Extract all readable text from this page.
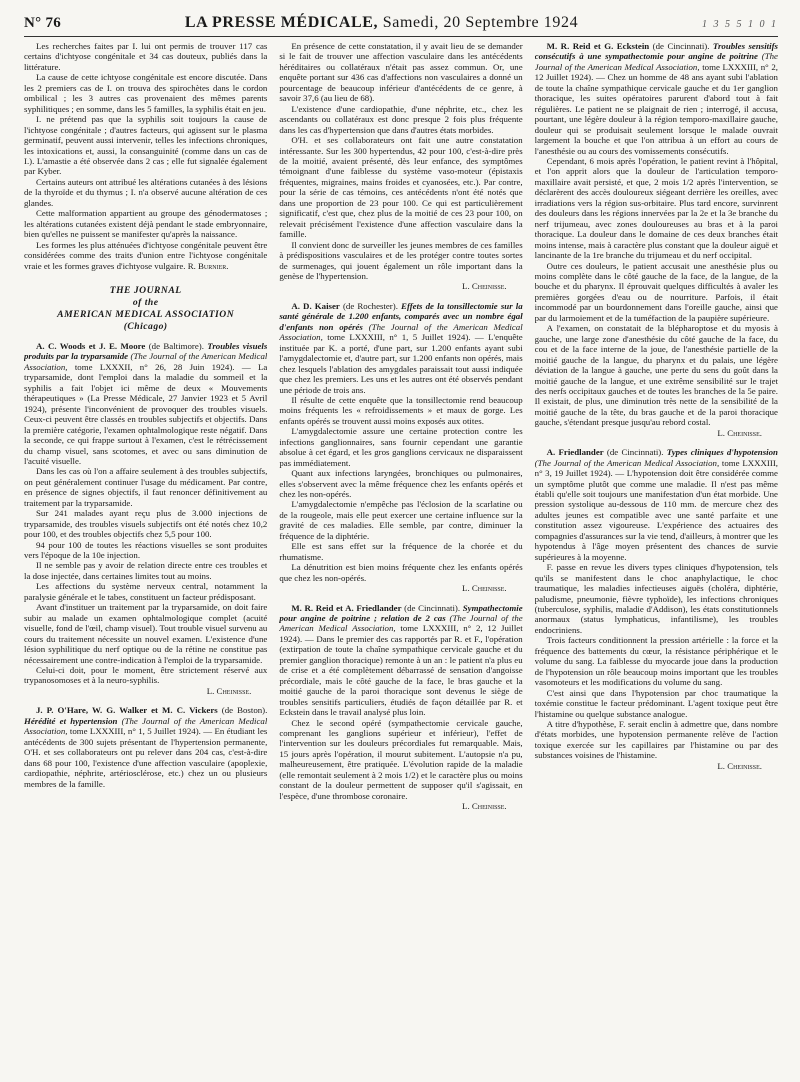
N° 76	LA PRESSE MÉDICALE, Samedi, 20 Septembre 1924	1 3 5 5 1 0 1

Les recherches faites par I. lui ont permis de trouver 117 cas certains d'ichtyose congénitale et 34 cas douteux, publiés dans la littérature.

La cause de cette ichtyose congénitale est encore discutée. Dans les 2 premiers cas de I. on trouva des spirochètes dans le cordon ombilical ; les 3 autres cas provenaient des mêmes parents syphilitiques ; en somme, dans les 5 familles, la syphilis était en jeu.

I. ne prétend pas que la syphilis soit toujours la cause de l'ichtyose congénitale ; d'autres facteurs, qui agissent sur le plasma germinatif, peuvent aussi intervenir, telles les infections chroniques, les intoxications et, aussi, la consanguinité (comme dans un cas de I.). L'amastie a été observée dans 2 cas ; elle fut signalée également par Kyber.

Certains auteurs ont attribué les altérations cutanées à des lésions de la thyroïde et du thymus ; I. n'a observé aucune altération de ces glandes.

Cette malformation appartient au groupe des génodermatoses ; les altérations cutanées existent déjà pendant le stade embryonnaire, bien qu'elles ne puissent se manifester qu'après la naissance.

Les formes les plus atténuées d'ichtyose congénitale peuvent être considérées comme des traits d'union entre l'ichtyose congénitale vraie et les formes graves d'ichtyose vulgaire. R. Burnier.

THE JOURNAL
of the
AMERICAN MEDICAL ASSOCIATION
(Chicago)

A. C. Woods et J. E. Moore (de Baltimore). Troubles visuels produits par la tryparsamide (The Journal of the American Medical Association, tome LXXXII, n° 26, 28 Juin 1924). — La tryparsamide, dont l'emploi dans la maladie du sommeil et la syphilis a fait l'objet ici même de deux « Mouvements thérapeutiques » (La Presse Médicale, 27 Janvier 1923 et 5 Avril 1924), présente l'inconvénient de provoquer des troubles visuels. Ceux-ci peuvent être classés en troubles subjectifs et objectifs. Dans la première catégorie, l'examen ophtalmologique reste négatif. Dans la seconde, ce qui frappe surtout à l'examen, c'est le rétrécissement du champ visuel, sans scotomes, et avec ou sans diminution de l'acuité visuelle.

Dans les cas où l'on a affaire seulement à des troubles subjectifs, on peut généralement continuer l'usage du médicament. Par contre, en présence de signes objectifs, il faut renoncer définitivement au traitement par la tryparsamide.

Sur 241 malades ayant reçu plus de 3.000 injections de tryparsamide, des troubles visuels subjectifs ont été notés chez 10,2 pour 100, et des troubles objectifs chez 5,5 pour 100.

94 pour 100 de toutes les réactions visuelles se sont produites vers l'époque de la 10e injection.

Il ne semble pas y avoir de relation directe entre ces troubles et la dose injectée, dans certaines limites tout au moins.

Les affections du système nerveux central, notamment la paralysie générale et le tabes, constituent un facteur prédisposant.

Avant d'instituer un traitement par la tryparsamide, on doit faire subir au malade un examen ophtalmologique complet (acuité visuelle, fond de l'œil, champ visuel). Tout trouble visuel survenu au cours du traitement nécessite un nouvel examen. L'existence d'une lésion syphilitique du nerf optique ou de la rétine ne constitue pas nécessairement une contre-indication à l'emploi de la tryparsamide.

Celui-ci doit, pour le moment, être strictement réservé aux trypanosomoses et à la neuro-syphilis.

L. Cheinisse.

J. P. O'Hare, W. G. Walker et M. C. Vickers (de Boston). Hérédité et hypertension (The Journal of the American Medical Association, tome LXXXIII, n° 1, 5 Juillet 1924). — En étudiant les antécédents de 300 sujets présentant de l'hypertension permanente, O'H. et ses collaborateurs ont pu relever dans 204 cas, c'est-à-dire dans 68 pour 100, l'existence d'une affection vasculaire (apoplexie, cardiopathie, néphrite, artériosclérose, etc.) chez un ou plusieurs membres de la famille.

En présence de cette constatation, il y avait lieu de se demander si le fait de trouver une affection vasculaire dans les antécédents héréditaires ou collatéraux n'était pas assez commun. Or, une enquête portant sur 436 cas d'affections non vasculaires a donné un pourcentage de beaucoup inférieur d'antécédents de ce genre, à savoir 37,6 (au lieu de 68).

L'existence d'une cardiopathie, d'une néphrite, etc., chez les ascendants ou collatéraux est donc presque 2 fois plus fréquente dans les cas d'hypertension que dans d'autres états morbides.

O'H. et ses collaborateurs ont fait une autre constatation intéressante. Sur les 300 hypertendus, 42 pour 100, c'est-à-dire près de la moitié, avaient présenté, dès leur enfance, des symptômes témoignant d'une faiblesse du système vaso-moteur (épistaxis fréquentes, migraines, mains froides et cyanosées, etc.). Par contre, pour la série de cas témoins, ces antécédents n'ont été notés que dans une proportion de 23 pour 100. Ce qui est particulièrement significatif, c'est que, chez plus de la moitié de ces 23 pour 100, on relevait précisément l'existence d'une affection vasculaire dans la famille.

Il convient donc de surveiller les jeunes membres de ces familles à prédispositions vasculaires et de les protéger contre toutes sortes de surmenages, qui jouent également un rôle important dans la genèse de l'hypertension.

L. Cheinisse.

A. D. Kaiser (de Rochester). Effets de la tonsillectomie sur la santé générale de 1.200 enfants, comparés avec un nombre égal d'enfants non opérés (The Journal of the American Medical Association, tome LXXXIII, n° 1, 5 Juillet 1924). — L'enquête instituée par K. a porté, d'une part, sur 1.200 enfants ayant subi l'amygdalectomie et, d'autre part, sur 1.200 enfants non opérés, mais chez lesquels l'ablation des amygdales paraissait tout aussi indiquée que chez les premiers. Les uns et les autres ont été observés pendant une période de trois ans.

Il résulte de cette enquête que la tonsillectomie rend beaucoup moins fréquents les « refroidissements » et maux de gorge. Les enfants opérés se trouvent aussi moins exposés aux otites.

L'amygdalectomie assure une certaine protection contre les infections ganglionnaires, sans fournir cependant une garantie absolue à cet égard, et les gros ganglions cervicaux ne disparaissent pas immédiatement.

Quant aux infections laryngées, bronchiques ou pulmonaires, elles s'observent avec la même fréquence chez les enfants opérés et chez les non-opérés.

L'amygdalectomie n'empêche pas l'éclosion de la scarlatine ou de la rougeole, mais elle peut exercer une certaine influence sur la gravité de ces maladies. Elle semble, par contre, diminuer la fréquence de la diphtérie.

Elle est sans effet sur la fréquence de la chorée et du rhumatisme.

La dénutrition est bien moins fréquente chez les enfants opérés que chez les non-opérés.

L. Cheinisse.

M. R. Reid et A. Friedlander (de Cincinnati). Sympathectomie pour angine de poitrine ; relation de 2 cas (The Journal of the American Medical Association, tome LXXXIII, n° 2, 12 Juillet 1924). — Dans le premier des cas rapportés par R. et F., l'opération (extirpation de toute la chaîne sympathique cervicale gauche et du premier ganglion thoracique) remonte à un an : le patient n'a plus eu de crise et a été complètement débarrassé de sensation d'angoisse précordiale, mais le côté gauche de la face, le bras gauche et la moitié gauche de la paroi thoracique sont devenus le siège de troubles sensitifs particuliers, étudiés de façon détaillée par R. et Eckstein dans le travail analysé plus loin.

Chez le second opéré (sympathectomie cervicale gauche, comprenant les ganglions supérieur et inférieur), l'effet de l'intervention sur les douleurs précordiales fut remarquable. Mais, 15 jours après l'opération, il mourut subitement. L'autopsie n'a pu, malheureusement, être pratiquée. L'évolution rapide de la maladie (elle remontait seulement à 2 mois 1/2) et le caractère plus ou moins constant de la douleur permettent de supposer qu'il s'agissait, en l'espèce, d'une thrombose coronaire.

L. Cheinisse.

M. R. Reid et G. Eckstein (de Cincinnati). Troubles sensitifs consécutifs à une sympathectomie pour angine de poitrine (The Journal of the American Medical Association, tome LXXXIII, n° 2, 12 Juillet 1924). — Chez un homme de 48 ans ayant subi l'ablation de toute la chaîne sympathique cervicale gauche et du 1er ganglion thoracique, les suites opératoires parurent d'abord tout à fait régulières. Le patient ne se plaignait de rien ; interrogé, il accusa, pourtant, une légère douleur à la région temporo-maxillaire gauche, douleur qui se produisait seulement lorsque le malade ouvrait largement la bouche et que l'on attribua à un effort au cours de l'anesthésie ou au cours des vomissements consécutifs.

Cependant, 6 mois après l'opération, le patient revint à l'hôpital, et l'on apprit alors que la douleur de l'articulation temporo-maxillaire avait persisté, et que, 2 mois 1/2 après l'intervention, se déclarèrent des accès douloureux siégeant derrière les oreilles, avec irradiations vers la région sus-orbitaire. Plus tard encore, survinrent des douleurs dans les régions innervées par la 2e et la 3e branche du nerf trijumeau, avec zones douloureuses au bras et à la paroi thoracique. La douleur dans le domaine de ces deux branches était moins intense, mais à caractère plus constant que la douleur aiguë et lancinante de la 1re branche du trijumeau et du nerf occipital.

Outre ces douleurs, le patient accusait une anesthésie plus ou moins complète dans le côté gauche de la face, de la langue, de la bouche et du pharynx. Il éprouvait quelques difficultés à avaler les premières gorgées d'eau ou de nourriture. Parfois, il était incommodé par un bourdonnement dans l'oreille gauche, ainsi que par du larmoiement et de la tuméfaction de la paupière supérieure.

A l'examen, on constatait de la blépharoptose et du myosis à gauche, une large zone d'anesthésie du côté gauche de la face, du cou et de la face interne de la joue, de l'anesthésie partielle de la moitié gauche de la langue, du pharynx et du palais, une légère déviation de la langue à gauche, une perte du sens du goût dans la moitié gauche de la langue, et une extrême sensibilité sur le trajet des nerfs occipitaux gauches et de toutes les branches de la 5e paire. Il existait, de plus, une diminution très nette de la sensibilité de la moitié gauche de la tête, du bras gauche et de la paroi thoracique gauche, s'étendant presque jusqu'au rebord costal.

L. Cheinisse.

A. Friedlander (de Cincinnati). Types cliniques d'hypotension (The Journal of the American Medical Association, tome LXXXIII, n° 3, 19 Juillet 1924). — L'hypotension doit être considérée comme un symptôme plutôt que comme une maladie. Il n'est pas même établi qu'elle soit toujours une manifestation d'un état morbide. Une pression systolique au-dessous de 110 mm. de mercure chez des adultes jeunes est compatible avec une santé parfaite et une constitution assez vigoureuse. L'expérience des actuaires des compagnies d'assurances sur la vie tend, d'ailleurs, à montrer que les hypotendus à l'âge moyen présentent des chances de survie supérieures à la moyenne.

F. passe en revue les divers types cliniques d'hypotension, tels qu'ils se manifestent dans le choc anaphylactique, le choc traumatique, les maladies infectieuses aiguës (choléra, diphtérie, paludisme, pneumonie, fièvre typhoïde), les infections chroniques (tuberculose, syphilis, maladie d'Addison), les états constitutionnels anormaux (status lymphaticus, infantilisme), les troubles endocriniens.

Trois facteurs conditionnent la pression artérielle : la force et la fréquence des battements du cœur, la résistance périphérique et le volume du sang. La faiblesse du myocarde joue dans la production de l'hypotension un rôle beaucoup moins important que les troubles vasomoteurs et les modifications du volume du sang.

C'est ainsi que dans l'hypotension par choc traumatique la toxémie constitue le facteur prédominant. L'agent toxique peut être l'histamine ou quelque substance analogue.

A titre d'hypothèse, F. serait enclin à admettre que, dans nombre d'états morbides, une hypotension permanente relève de l'action toxique exercée sur les capillaires par l'histamine ou par des substances voisines de l'histamine.

L. Cheinisse.
